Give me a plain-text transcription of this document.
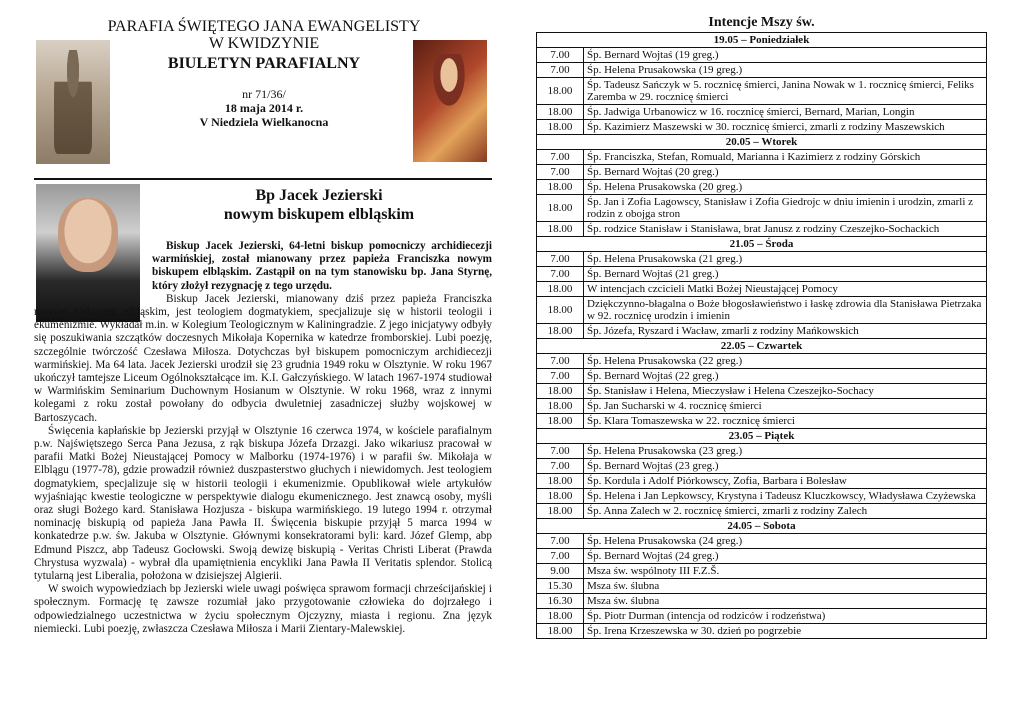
PARAFIA ŚWIĘTEGO JANA EWANGELISTY
W KWIDZYNIE
BIULETYN PARAFIALNY
nr 71/36/
18 maja 2014 r.
V Niedziela Wielkanocna
Bp Jacek Jezierski
nowym biskupem elbląskim

Biskup Jacek Jezierski, 64-letni biskup pomocniczy archidiecezji warmińskiej, został mianowany przez papieża Franciszka nowym biskupem elbląskim. Zastąpił on na tym stanowisku bp. Jana Styrnę, który złożył rezygnację z tego urzędu.

Biskup Jacek Jezierski, mianowany dziś przez papieża Franciszka nowym biskupem elbląskim, jest teologiem dogmatykiem, specjalizuje się w historii teologii i ekumenizmie. Wykładał m.in. w Kolegium Teologicznym w Kaliningradzie. Z jego inicjatywy odbyły się poszukiwania szczątków doczesnych Mikołaja Kopernika w katedrze fromborskiej. Lubi poezję, szczególnie twórczość Czesława Miłosza. Dotychczas był biskupem pomocniczym archidiecezji warmińskiej. Ma 64 lata. Jacek Jezierski urodził się 23 grudnia 1949 roku w Olsztynie. W roku 1967 ukończył tamtejsze Liceum Ogólnokształcące im. K.I. Gałczyńskiego. W latach 1967-1974 studiował w Warmińskim Seminarium Duchownym Hosianum w Olsztynie. W roku 1968, wraz z innymi kolegami z roku został powołany do odbycia dwuletniej zasadniczej służby wojskowej w Bartoszycach.

Święcenia kapłańskie bp Jezierski przyjął w Olsztynie 16 czerwca 1974, w kościele parafialnym p.w. Najświętszego Serca Pana Jezusa, z rąk biskupa Józefa Drzazgi. Jako wikariusz pracował w parafii Matki Bożej Nieustającej Pomocy w Malborku (1974-1976) i w parafii św. Mikołaja w Elblągu (1977-78), gdzie prowadził również duszpasterstwo głuchych i niewidomych. Jest teologiem dogmatykiem, specjalizuje się w historii teologii i ekumenizmie. Opublikował wiele artykułów wyjaśniając kwestie teologiczne w perspektywie dialogu ekumenicznego. Jest znawcą osoby, myśli oraz sługi Bożego kard. Stanisława Hozjusza - biskupa warmińskiego. 19 lutego 1994 r. otrzymał nominację biskupią od papieża Jana Pawła II. Święcenia biskupie przyjął 5 marca 1994 w konkatedrze p.w. św. Jakuba w Olsztynie. Głównymi konsekratorami byli: kard. Józef Glemp, abp Edmund Piszcz, abp Tadeusz Gocłowski. Swoją dewizę biskupią - Veritas Christi Liberat (Prawda Chrystusa wyzwala) - wybrał dla upamiętnienia encykliki Jana Pawła II Veritatis splendor. Stolicą tytularną jest Liberalia, położona w dzisiejszej Algierii.

W swoich wypowiedziach bp Jezierski wiele uwagi poświęca sprawom formacji chrześcijańskiej i społecznym. Formację tę zawsze rozumiał jako przygotowanie człowieka do dojrzałego i odpowiedzialnego uczestnictwa w życiu społecznym Ojczyzny, miasta i regionu. Zna język niemiecki. Lubi poezję, zwłaszcza Czesława Miłosza i Marii Zientary-Malewskiej.

Intencje Mszy św.
19.05 – Poniedziałek	
7.00	Śp. Bernard Wojtaś (19 greg.)
7.00	Śp. Helena Prusakowska (19 greg.)
18.00	Śp. Tadeusz Sańczyk w 5. rocznicę śmierci, Janina Nowak w 1. rocznicę śmierci, Feliks Zaremba w 29. rocznicę śmierci
18.00	Śp. Jadwiga Urbanowicz w 16. rocznicę śmierci, Bernard, Marian, Longin
18.00	Śp. Kazimierz Maszewski w 30. rocznicę śmierci, zmarli z rodziny Maszewskich
20.05 – Wtorek	
7.00	Śp. Franciszka, Stefan, Romuald, Marianna i Kazimierz z rodziny Górskich
7.00	Śp. Bernard Wojtaś (20 greg.)
18.00	Śp. Helena Prusakowska (20 greg.)
18.00	Śp. Jan i Zofia Lagowscy, Stanisław i Zofia Giedrojc w dniu imienin i urodzin, zmarli z rodzin z obojga stron
18.00	Śp. rodzice Stanisław i Stanisława, brat Janusz z rodziny Czeszejko-Sochackich
21.05 – Środa	
7.00	Śp. Helena Prusakowska (21 greg.)
7.00	Śp. Bernard Wojtaś (21 greg.)
18.00	W intencjach czcicieli Matki Bożej Nieustającej Pomocy
18.00	Dziękczynno-błagalna o Boże błogosławieństwo i łaskę zdrowia dla Stanisława Pietrzaka w 92. rocznicę urodzin i imienin
18.00	Śp. Józefa, Ryszard i Wacław, zmarli z rodziny Mańkowskich
22.05 – Czwartek	
7.00	Śp. Helena Prusakowska (22 greg.)
7.00	Śp. Bernard Wojtaś (22 greg.)
18.00	Śp. Stanisław i Helena, Mieczysław i Helena Czeszejko-Sochacy
18.00	Śp. Jan Sucharski w 4. rocznicę śmierci
18.00	Śp. Klara Tomaszewska w 22. rocznicę śmierci
23.05 – Piątek	
7.00	Śp. Helena Prusakowska (23 greg.)
7.00	Śp. Bernard Wojtaś (23 greg.)
18.00	Śp. Kordula i Adolf Piórkowscy, Zofia, Barbara i Bolesław
18.00	Śp. Helena i Jan Lepkowscy, Krystyna i Tadeusz Kluczkowscy, Władysława Czyżewska
18.00	Śp. Anna Zalech w 2. rocznicę śmierci, zmarli z rodziny Zalech
24.05 – Sobota	
7.00	Śp. Helena Prusakowska (24 greg.)
7.00	Śp. Bernard Wojtaś (24 greg.)
9.00	Msza św. wspólnoty III F.Z.Š.
15.30	Msza św. ślubna
16.30	Msza św. ślubna
18.00	Śp. Piotr Durman (intencja od rodziców i rodzeństwa)
18.00	Śp. Irena Krzeszewska w 30. dzień po pogrzebie
